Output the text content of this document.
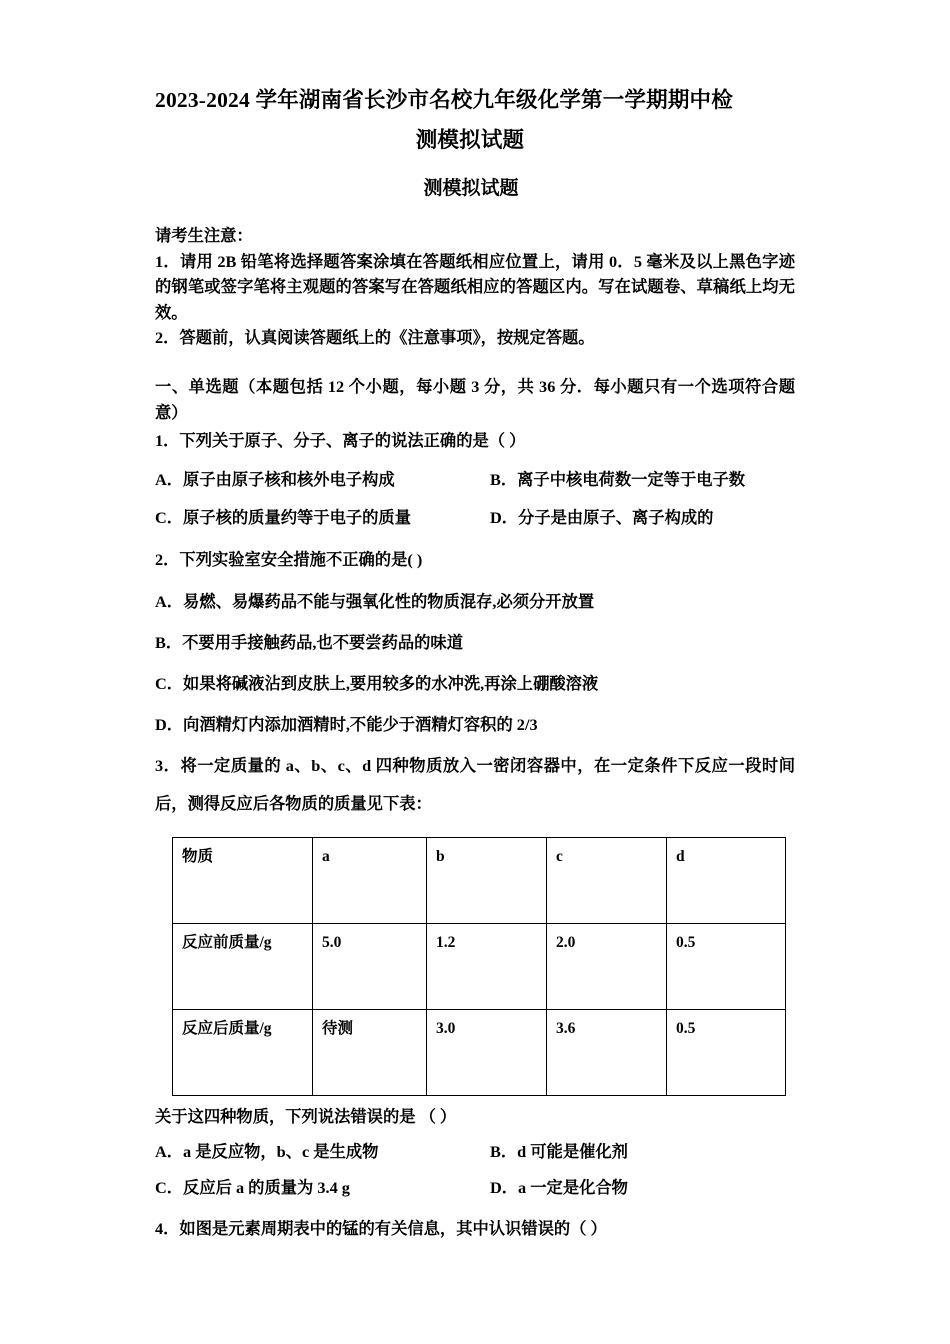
2023-2024 学年湖南省长沙市名校九年级化学第一学期期中检
测模拟试题
测模拟试题

请考生注意：

1．请用 2B 铅笔将选择题答案涂填在答题纸相应位置上，请用 0．5 毫米及以上黑色字迹的钢笔或签字笔将主观题的答案写在答题纸相应的答题区内。写在试题卷、草稿纸上均无效。

2．答题前，认真阅读答题纸上的《注意事项》，按规定答题。

一、单选题（本题包括 12 个小题，每小题 3 分，共 36 分．每小题只有一个选项符合题意）
1．下列关于原子、分子、离子的说法正确的是（ ）
A．原子由原子核和核外电子构成	B．离子中核电荷数一定等于电子数
C．原子核的质量约等于电子的质量	D．分子是由原子、离子构成的
2．下列实验室安全措施不正确的是( )
A．易燃、易爆药品不能与强氧化性的物质混存,必须分开放置
B．不要用手接触药品,也不要尝药品的味道
C．如果将碱液沾到皮肤上,要用较多的水冲洗,再涂上硼酸溶液
D．向酒精灯内添加酒精时,不能少于酒精灯容积的 2/3
3．将一定质量的 a、b、c、d 四种物质放入一密闭容器中，在一定条件下反应一段时间后，测得反应后各物质的质量见下表：
物质	a	b	c	d
反应前质量/g	5.0	1.2	2.0	0.5
反应后质量/g	待测	3.0	3.6	0.5
关于这四种物质，下列说法错误的是 （ ）
A．a 是反应物，b、c 是生成物	B．d 可能是催化剂
C．反应后 a 的质量为 3.4 g	D．a 一定是化合物
4．如图是元素周期表中的锰的有关信息，其中认识错误的（ ）
